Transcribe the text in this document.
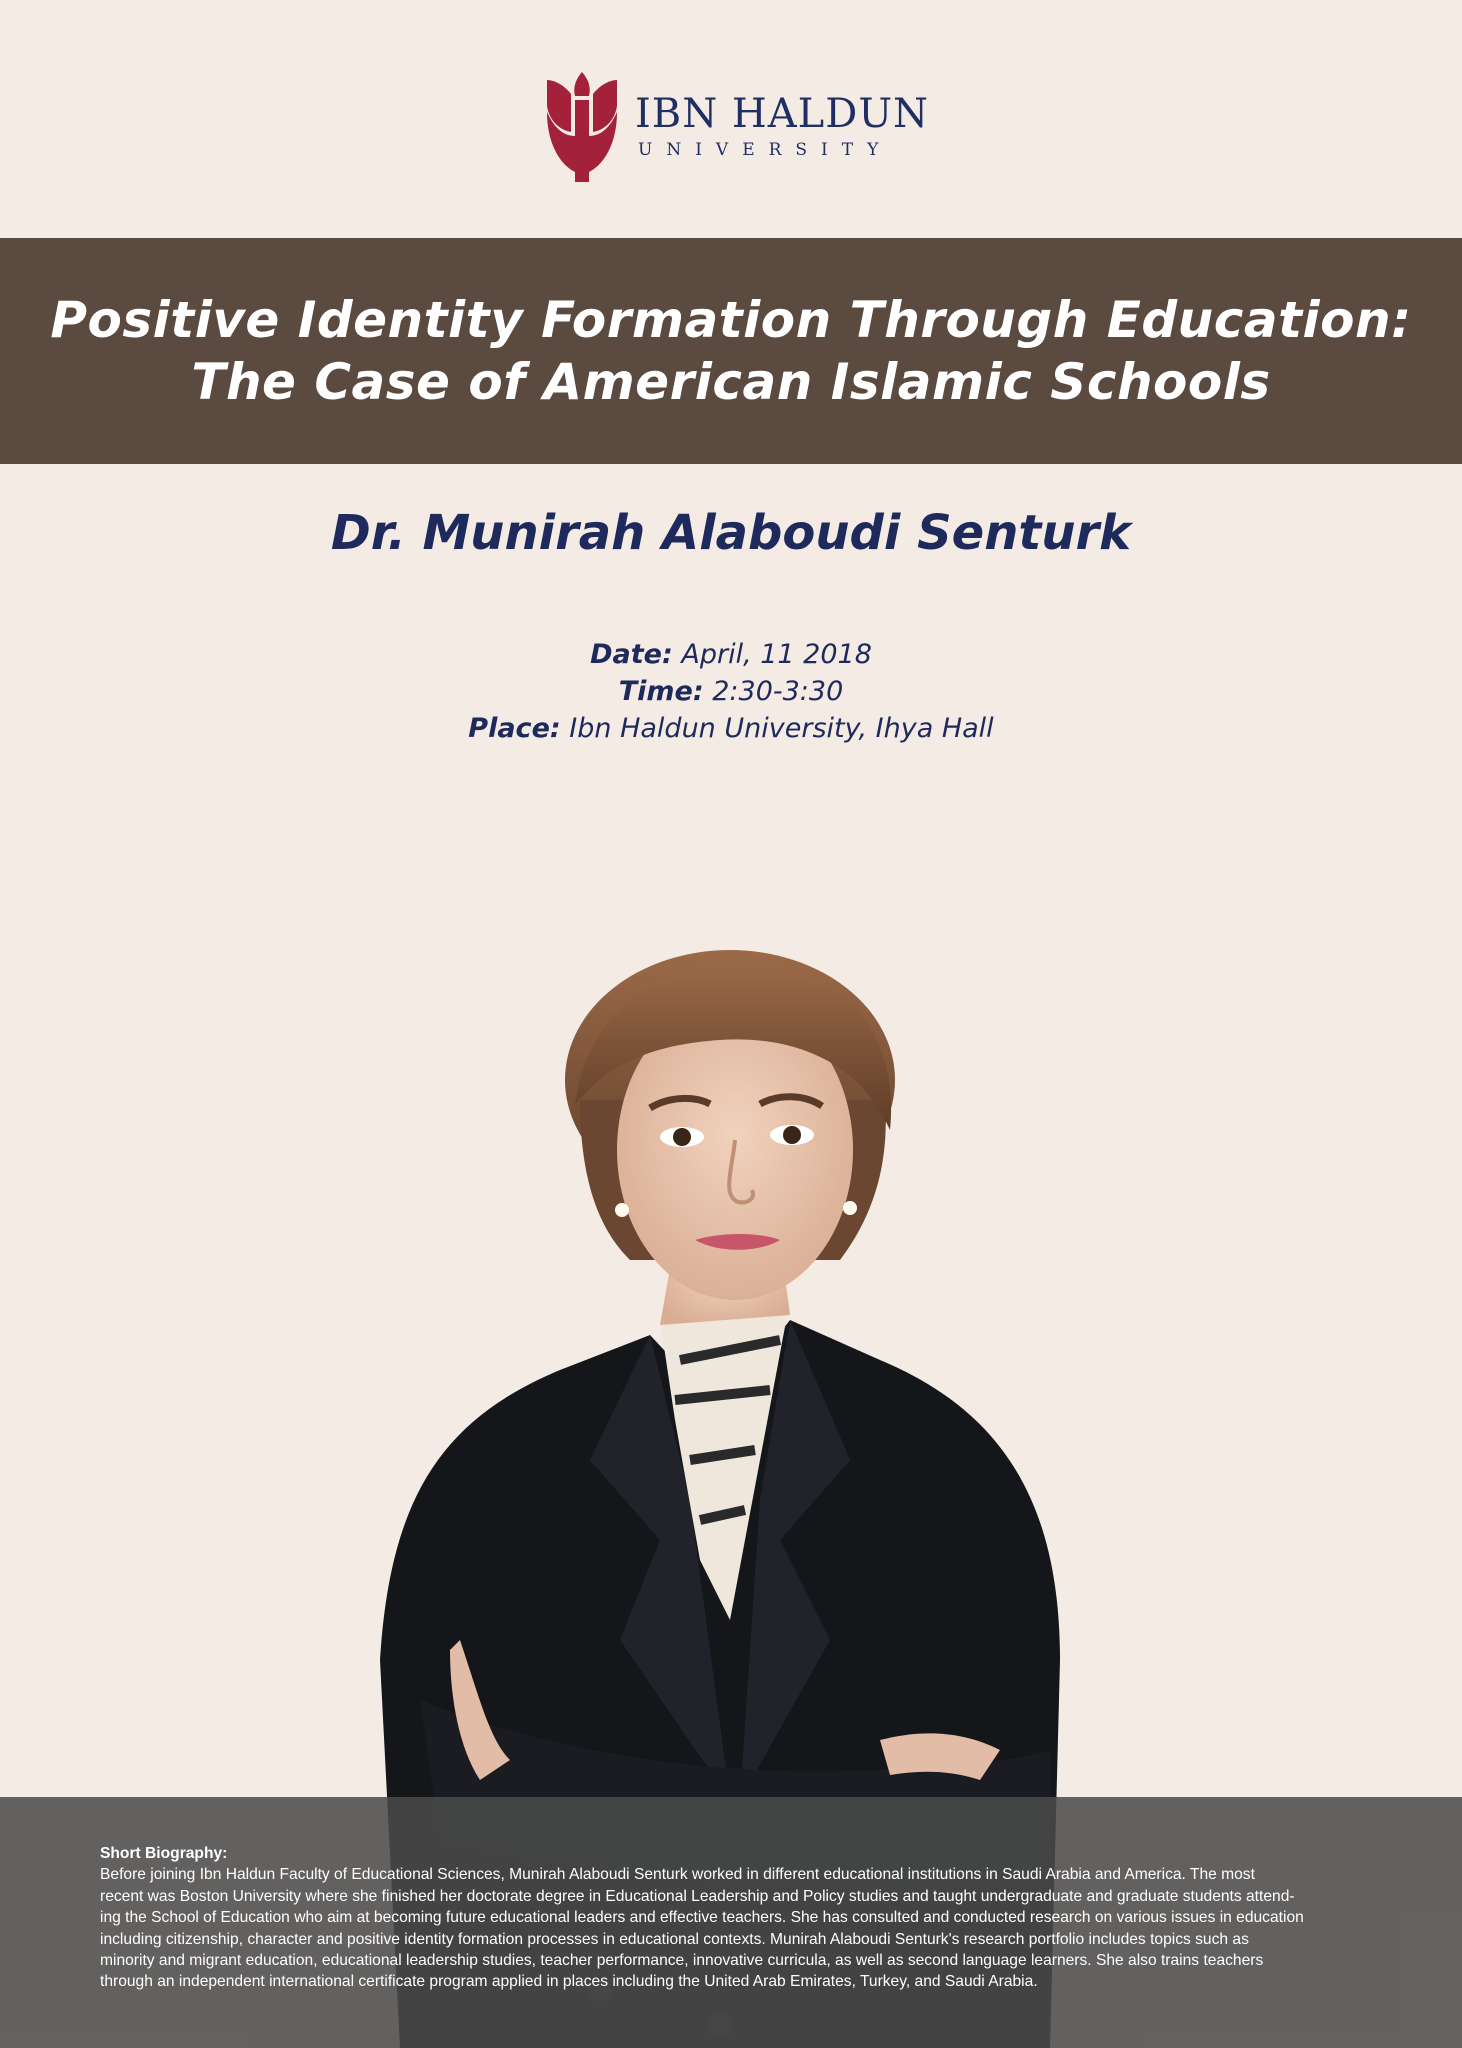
IBN HALDUN
UNIVERSITY
Positive Identity Formation Through Education:
The Case of American Islamic Schools
Dr. Munirah Alaboudi Senturk
Date: April, 11 2018
Time: 2:30-3:30
Place: Ibn Haldun University, Ihya Hall
Short Biography:
Before joining Ibn Haldun Faculty of Educational Sciences, Munirah Alaboudi Senturk worked in different educational institutions in Saudi Arabia and America. The most
recent was Boston University where she finished her doctorate degree in Educational Leadership and Policy studies and taught undergraduate and graduate students attend-
ing the School of Education who aim at becoming future educational leaders and effective teachers. She has consulted and conducted research on various issues in education
including citizenship, character and positive identity formation processes in educational contexts. Munirah Alaboudi Senturk's research portfolio includes topics such as
minority and migrant education, educational leadership studies, teacher performance, innovative curricula, as well as second language learners. She also trains teachers
through an independent international certificate program applied in places including the United Arab Emirates, Turkey, and Saudi Arabia.
